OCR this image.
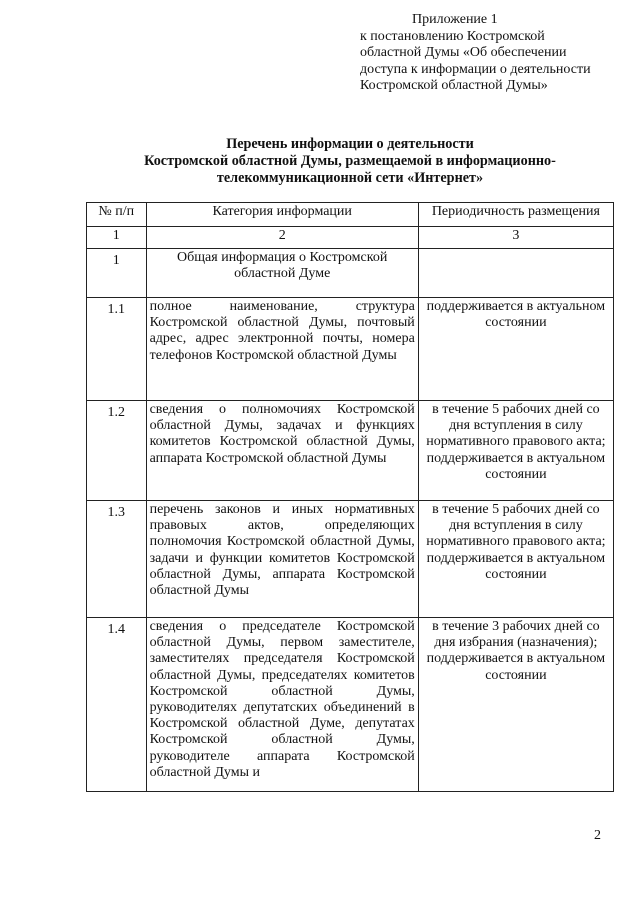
Приложение 1
к постановлению Костромской
областной Думы «Об обеспечении
доступа к информации о деятельности
Костромской областной Думы»
Перечень информации о деятельности
Костромской областной Думы, размещаемой в информационно-
телекоммуникационной сети «Интернет»
№ п/п	Категория информации	Периодичность размещения
1	2	3
1	Общая информация о Костромской областной Думе	
1.1	полное наименование, структура Костромской областной Думы, почтовый адрес, адрес электронной почты, номера телефонов Костромской областной Думы	поддерживается в актуальном состоянии
1.2	сведения о полномочиях Костромской областной Думы, задачах и функциях комитетов Костромской областной Думы, аппарата Костромской областной Думы	в течение 5 рабочих дней со дня вступления в силу нормативного правового акта; поддерживается в актуальном состоянии
1.3	перечень законов и иных нормативных правовых актов, определяющих полномочия Костромской областной Думы, задачи и функции комитетов Костромской областной Думы, аппарата Костромской областной Думы	в течение 5 рабочих дней со дня вступления в силу нормативного правового акта; поддерживается в актуальном состоянии
1.4	сведения о председателе Костромской областной Думы, первом заместителе, заместителях председателя Костромской областной Думы, председателях комитетов Костромской областной Думы, руководителях депутатских объединений в Костромской областной Думе, депутатах Костромской областной Думы, руководителе аппарата Костромской областной Думы и	в течение 3 рабочих дней со дня избрания (назначения); поддерживается в актуальном состоянии
2
